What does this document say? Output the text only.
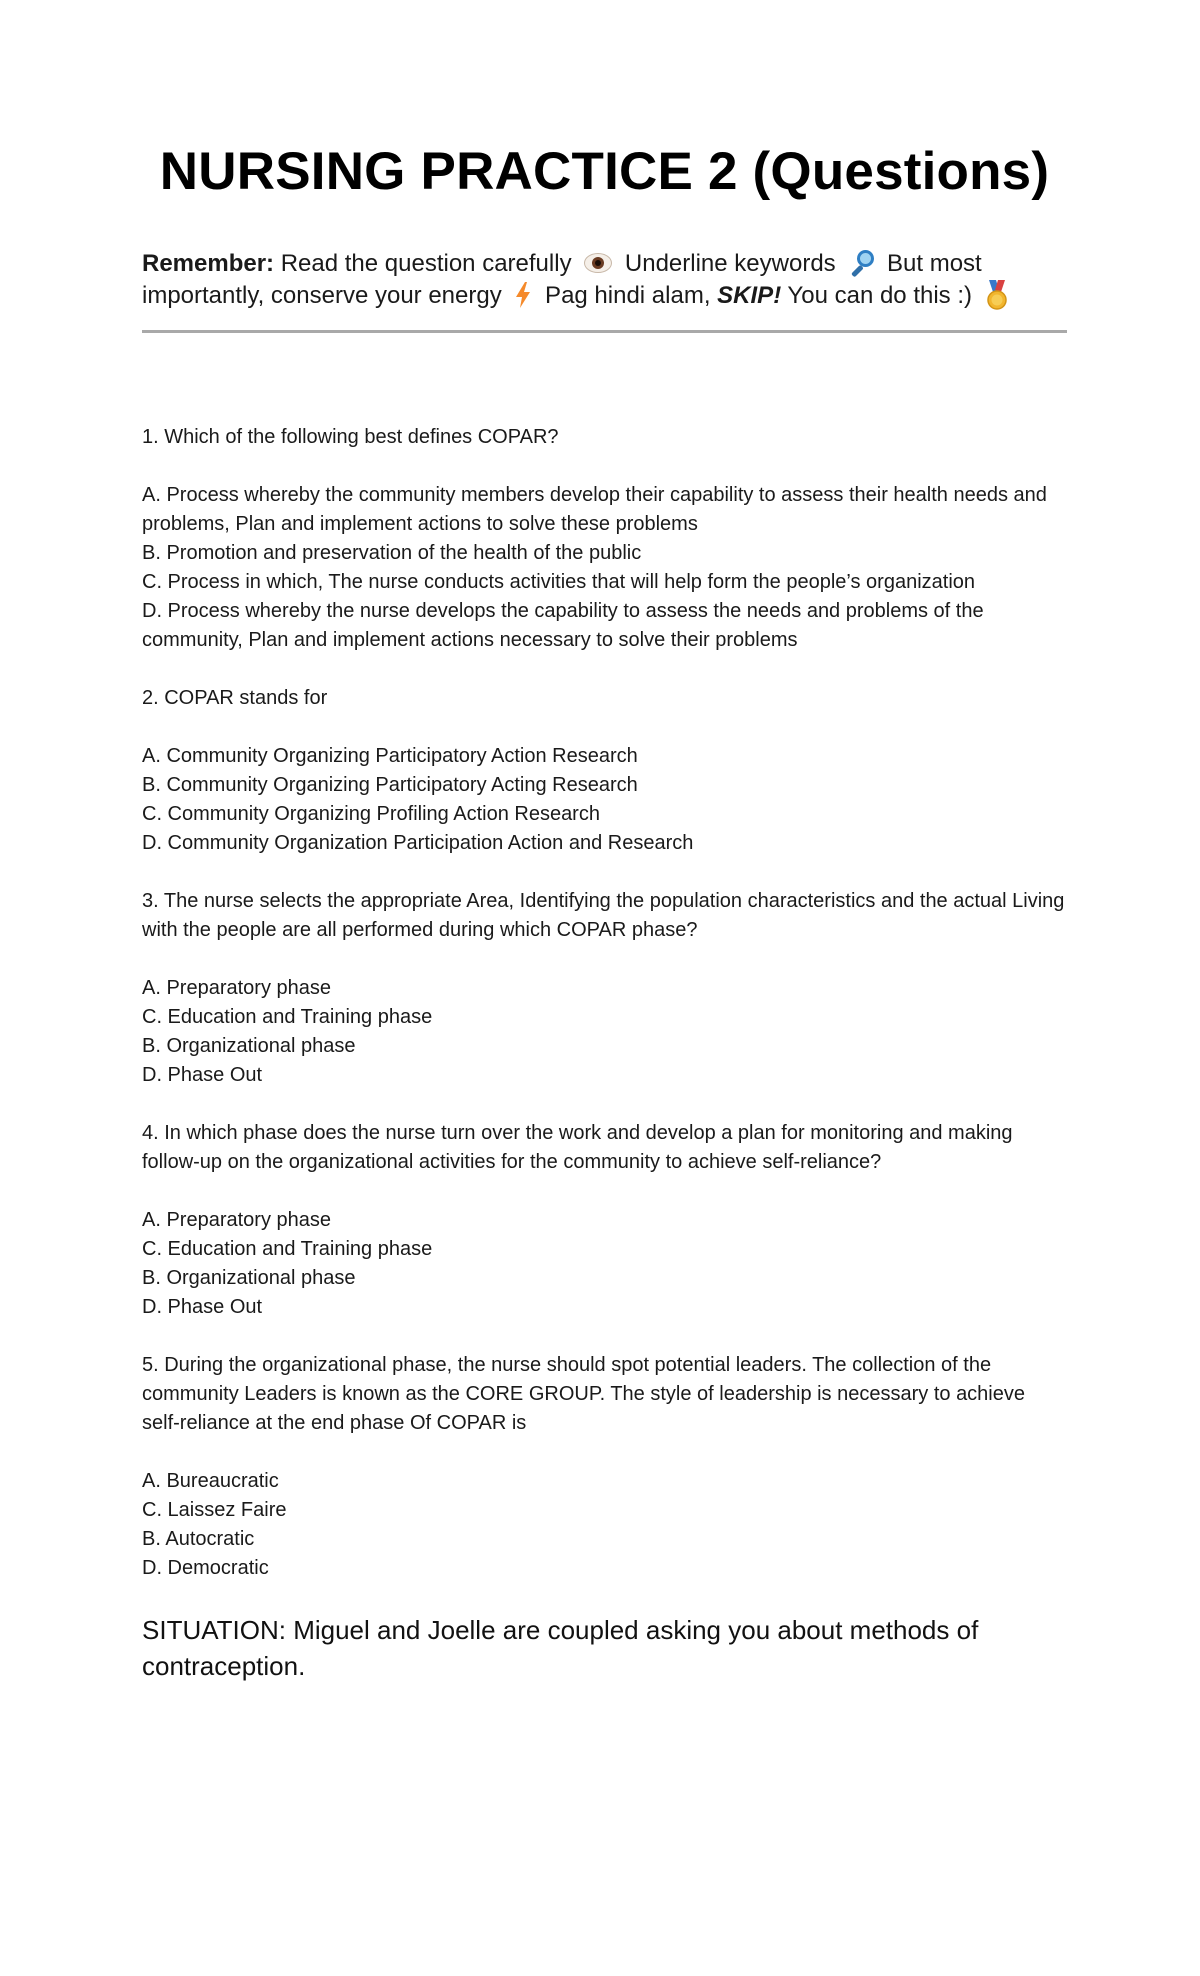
NURSING PRACTICE 2 (Questions)
Remember: Read the question carefully
Underline keywords
But most importantly, conserve your energy  Pag hindi alam, SKIP! You can do this :)

1. Which of the following best defines COPAR?

A. Process whereby the community members develop their capability to assess their health needs and problems, Plan and implement actions to solve these problems
B. Promotion and preservation of the health of the public
C. Process in which, The nurse conducts activities that will help form the people’s organization
D. Process whereby the nurse develops the capability to assess the needs and problems of the community, Plan and implement actions necessary to solve their problems

2. COPAR stands for

A. Community Organizing Participatory Action Research
B. Community Organizing Participatory Acting Research
C. Community Organizing Profiling Action Research
D. Community Organization Participation Action and Research

3. The nurse selects the appropriate Area, Identifying the population characteristics and the actual Living with the people are all performed during which COPAR phase?

A. Preparatory phase
C. Education and Training phase
B. Organizational phase
D. Phase Out

4. In which phase does the nurse turn over the work and develop a plan for monitoring and making follow-up on the organizational activities for the community to achieve self-reliance?

A. Preparatory phase
C. Education and Training phase
B. Organizational phase
D. Phase Out

5. During the organizational phase, the nurse should spot potential leaders. The collection of the community Leaders is known as the CORE GROUP. The style of leadership is necessary to achieve self-reliance at the end phase Of COPAR is

A. Bureaucratic
C. Laissez Faire
B. Autocratic
D. Democratic

SITUATION: Miguel and Joelle are coupled asking you about methods of contraception.
